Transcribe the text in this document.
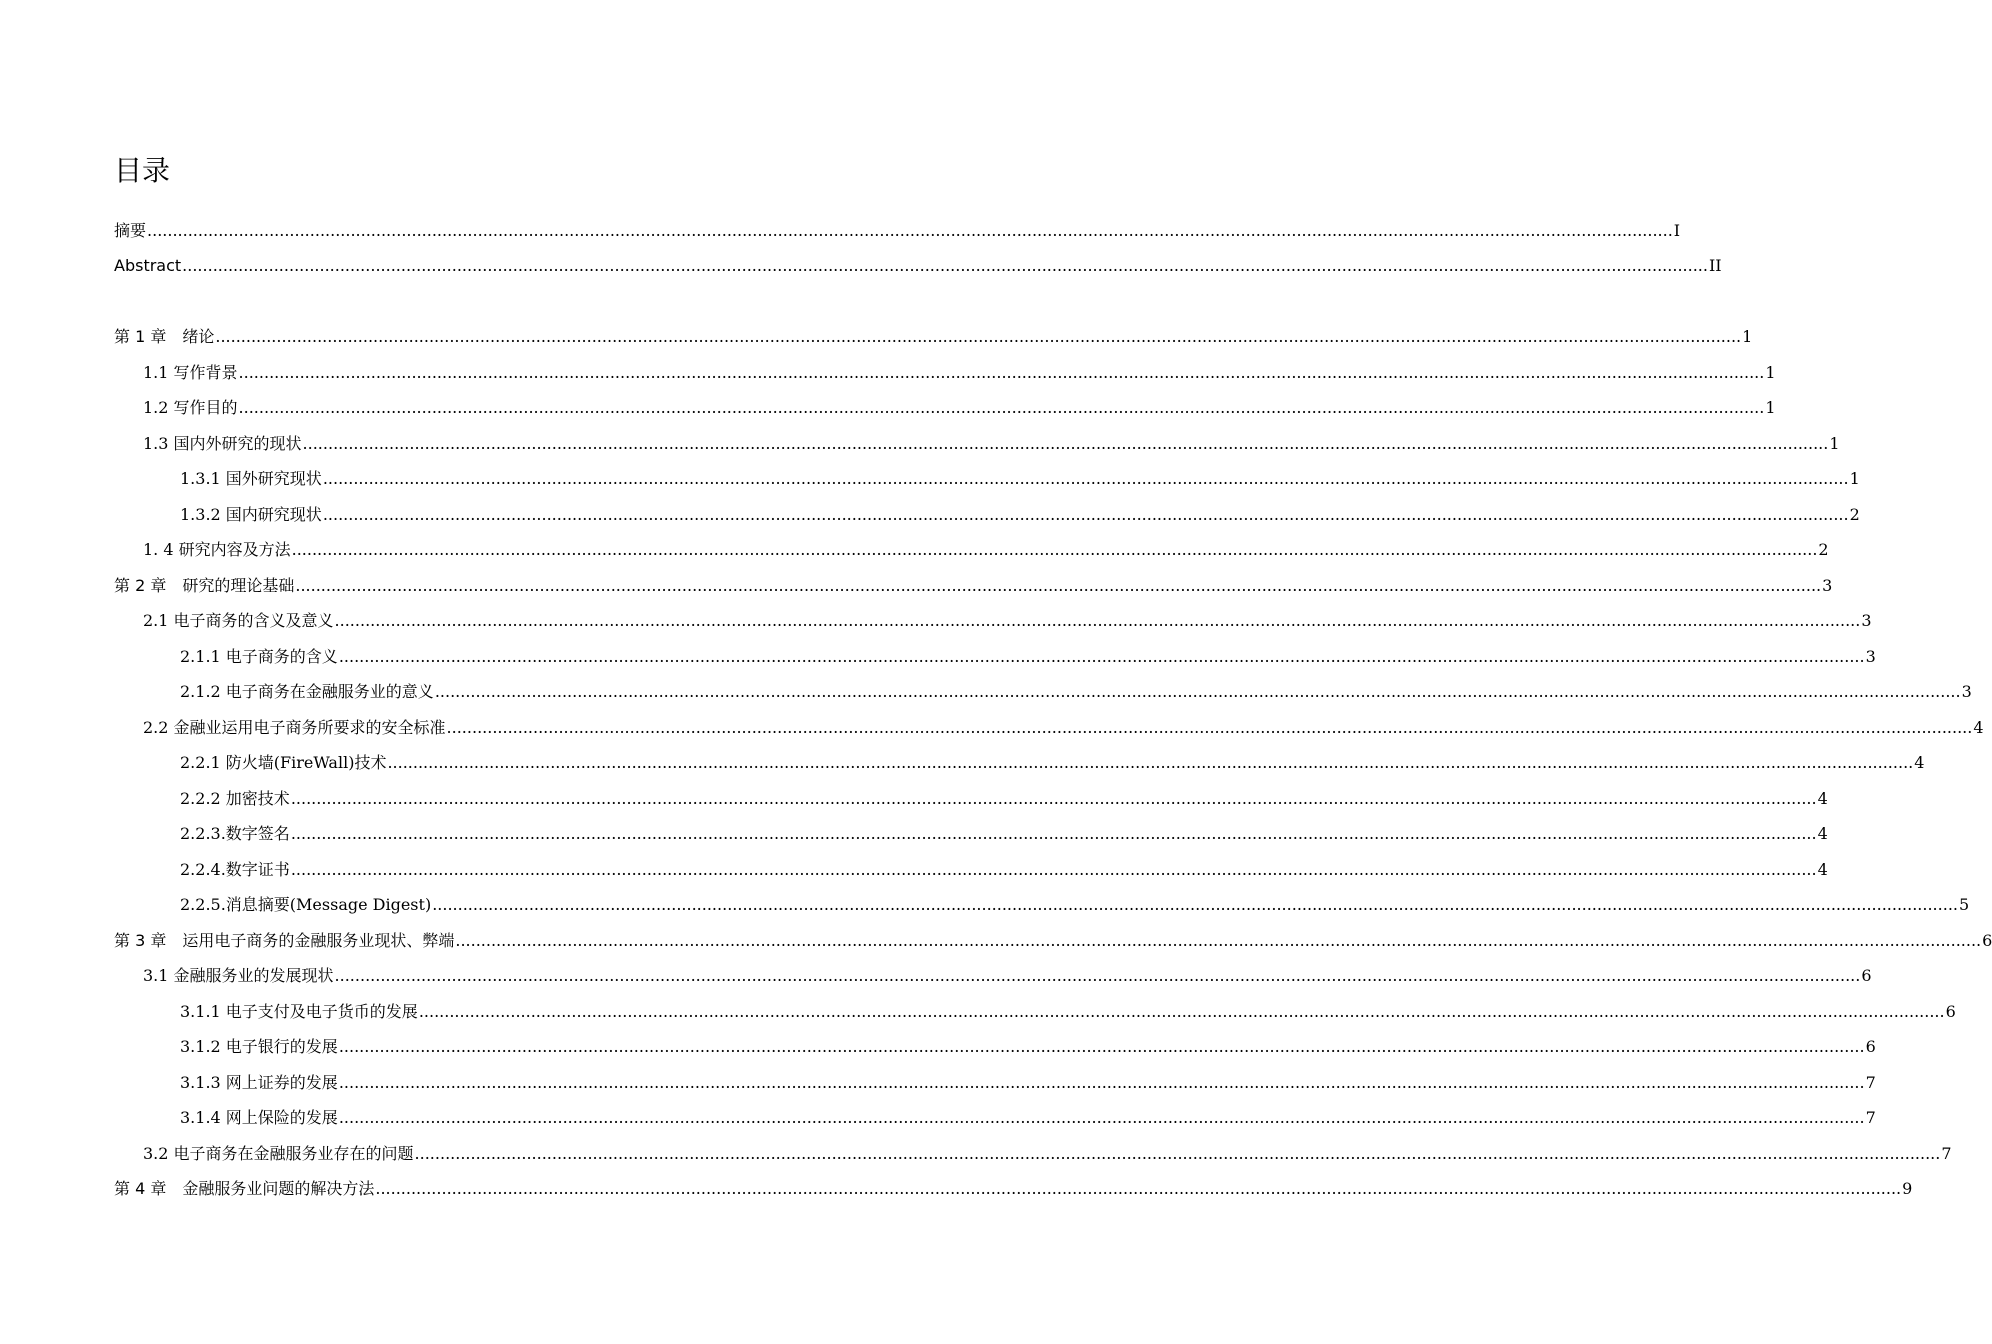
目录
摘要 ............................................................................................................................................................................................................................................................................................................ I
Abstract ............................................................................................................................................................................................................................................................................................................ II
第 1 章　绪论 ............................................................................................................................................................................................................................................................................................................ 1
1.1 写作背景 ............................................................................................................................................................................................................................................................................................................ 1
1.2 写作目的 ............................................................................................................................................................................................................................................................................................................ 1
1.3 国内外研究的现状 ............................................................................................................................................................................................................................................................................................................ 1
1.3.1 国外研究现状 ............................................................................................................................................................................................................................................................................................................ 1
1.3.2 国内研究现状 ............................................................................................................................................................................................................................................................................................................ 2
1. 4 研究内容及方法 ............................................................................................................................................................................................................................................................................................................ 2
第 2 章　研究的理论基础 ............................................................................................................................................................................................................................................................................................................ 3
2.1 电子商务的含义及意义 ............................................................................................................................................................................................................................................................................................................ 3
2.1.1 电子商务的含义 ............................................................................................................................................................................................................................................................................................................ 3
2.1.2 电子商务在金融服务业的意义 ............................................................................................................................................................................................................................................................................................................ 3
2.2 金融业运用电子商务所要求的安全标准 ............................................................................................................................................................................................................................................................................................................ 4
2.2.1 防火墙(FireWall)技术 ............................................................................................................................................................................................................................................................................................................ 4
2.2.2 加密技术 ............................................................................................................................................................................................................................................................................................................ 4
2.2.3.数字签名 ............................................................................................................................................................................................................................................................................................................ 4
2.2.4.数字证书 ............................................................................................................................................................................................................................................................................................................ 4
2.2.5.消息摘要(Message Digest) ............................................................................................................................................................................................................................................................................................................ 5
第 3 章　运用电子商务的金融服务业现状、弊端 ............................................................................................................................................................................................................................................................................................................ 6
3.1 金融服务业的发展现状 ............................................................................................................................................................................................................................................................................................................ 6
3.1.1 电子支付及电子货币的发展 ............................................................................................................................................................................................................................................................................................................ 6
3.1.2 电子银行的发展 ............................................................................................................................................................................................................................................................................................................ 6
3.1.3 网上证券的发展 ............................................................................................................................................................................................................................................................................................................ 7
3.1.4 网上保险的发展 ............................................................................................................................................................................................................................................................................................................ 7
3.2 电子商务在金融服务业存在的问题 ............................................................................................................................................................................................................................................................................................................ 7
第 4 章　金融服务业问题的解决方法 ............................................................................................................................................................................................................................................................................................................ 9
